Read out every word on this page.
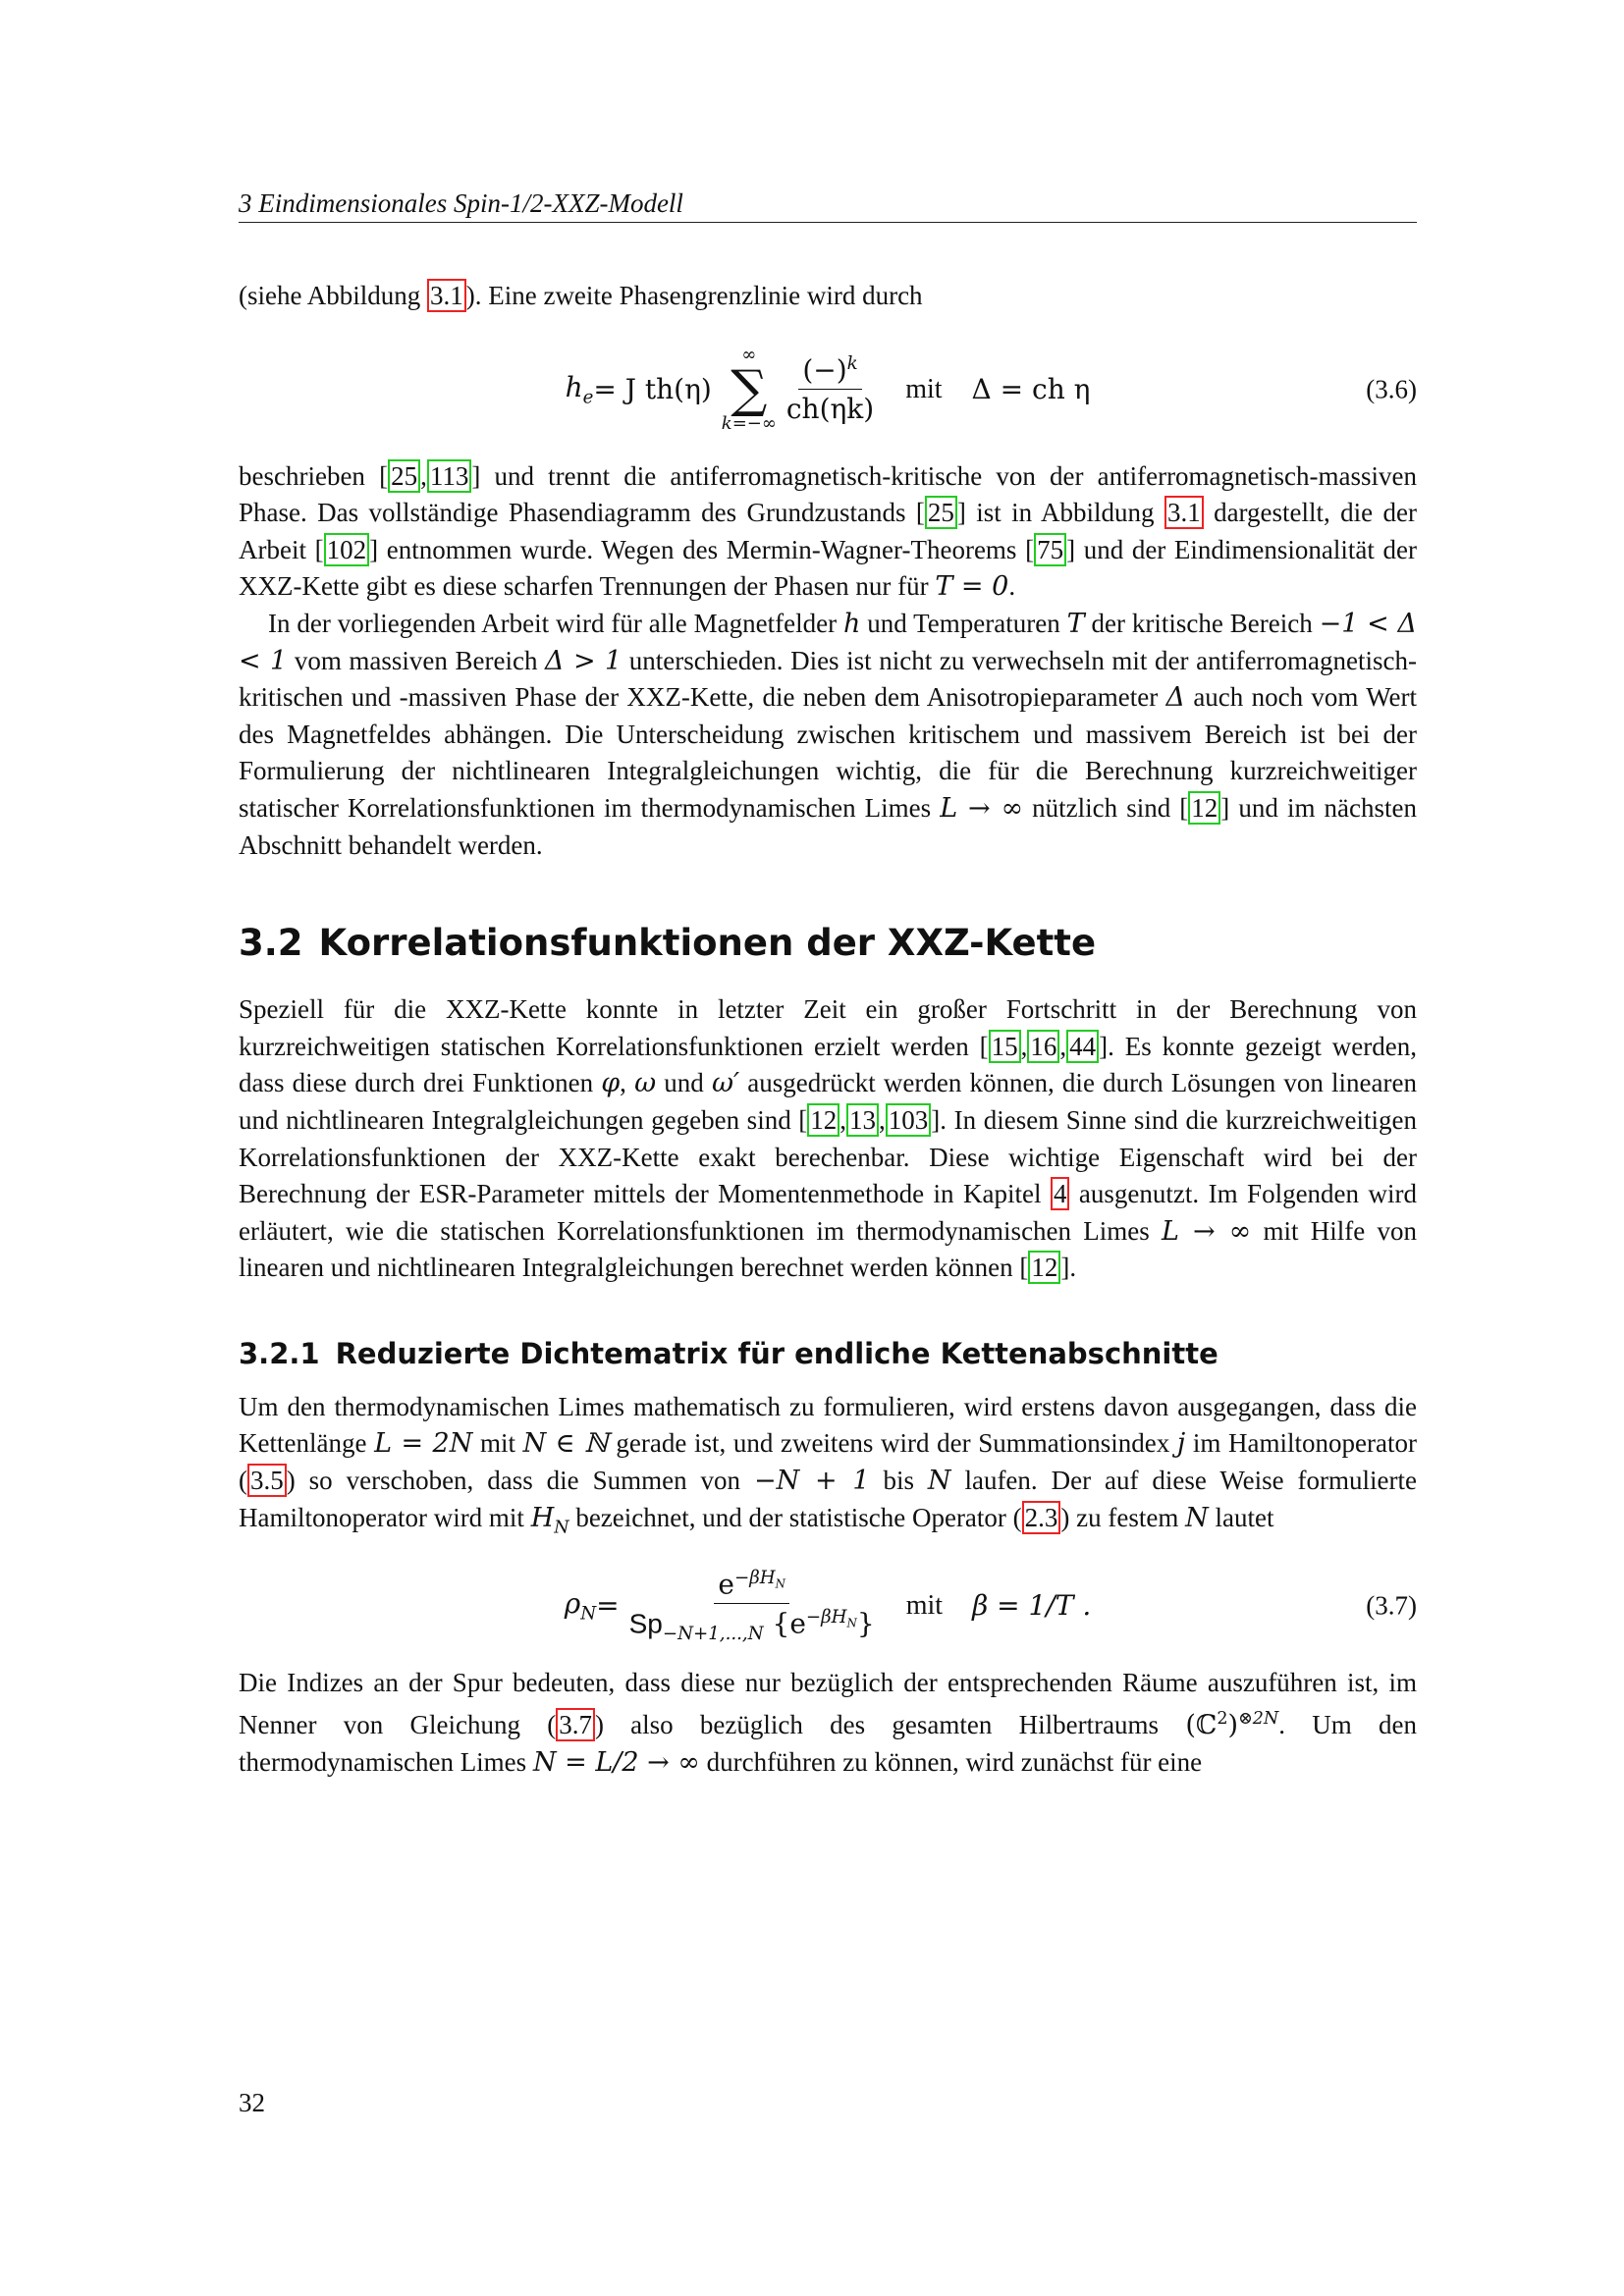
3 Eindimensionales Spin-1/2-XXZ-Modell

(siehe Abbildung 3.1 ). Eine zweite Phasengrenzlinie wird durch

$h_e = J$ th(η)
∞
∑
$k=-\infty \frac{(-)^k}{ch(\eta k)}$ mit Δ = ch η	(3.6)

beschrieben [ 25 , 113 ] und trennt die antiferromagnetisch-kritische von der antiferromagnetisch-massiven Phase. Das vollständige Phasendiagramm des Grundzustands [ 25 ] ist in Abbildung 3.1 dargestellt, die der Arbeit [ 102 ] entnommen wurde. Wegen des Mermin-Wagner-Theorems [ 75 ] und der Eindimensionalität der XXZ-Kette gibt es diese scharfen Trennungen der Phasen nur für T = 0.

In der vorliegenden Arbeit wird für alle Magnetfelder h und Temperaturen T der kritische Bereich −1 < Δ < 1 vom massiven Bereich Δ > 1 unterschieden. Dies ist nicht zu verwechseln mit der antiferromagnetisch-kritischen und -massiven Phase der XXZ-Kette, die neben dem Anisotropieparameter Δ auch noch vom Wert des Magnetfeldes abhängen. Die Unterscheidung zwischen kritischem und massivem Bereich ist bei der Formulierung der nichtlinearen Integralgleichungen wichtig, die für die Berechnung kurzreichweitiger statischer Korrelationsfunktionen im thermodynamischen Limes L → ∞ nützlich sind [ 12 ] und im nächsten Abschnitt behandelt werden.

3.2 Korrelationsfunktionen der XXZ-Kette

Speziell für die XXZ-Kette konnte in letzter Zeit ein großer Fortschritt in der Berechnung von kurzreichweitigen statischen Korrelationsfunktionen erzielt werden [ 15 , 16 , 44 ]. Es konnte gezeigt werden, dass diese durch drei Funktionen φ, ω und ω′ ausgedrückt werden können, die durch Lösungen von linearen und nichtlinearen Integralgleichungen gegeben sind [ 12 , 13 , 103 ]. In diesem Sinne sind die kurzreichweitigen Korrelationsfunktionen der XXZ-Kette exakt berechenbar. Diese wichtige Eigenschaft wird bei der Berechnung der ESR-Parameter mittels der Momentenmethode in Kapitel 4 ausgenutzt. Im Folgenden wird erläutert, wie die statischen Korrelationsfunktionen im thermodynamischen Limes L → ∞ mit Hilfe von linearen und nichtlinearen Integralgleichungen berechnet werden können [ 12 ].

3.2.1 Reduzierte Dichtematrix für endliche Kettenabschnitte

Um den thermodynamischen Limes mathematisch zu formulieren, wird erstens davon ausgegangen, dass die Kettenlänge L = 2N mit N ∈ ℕ gerade ist, und zweitens wird der Summationsindex j im Hamiltonoperator ( 3.5 ) so verschoben, dass die Summen von −N + 1 bis N laufen. Der auf diese Weise formulierte Hamiltonoperator wird mit $H_N$ bezeichnet, und der statistische Operator ( 2.3 ) zu festem N lautet

$\rho_N = \frac{e^{-\beta H_N}}{Sp_{-N+1,...,N} \{e^{-\beta H_N}\}}$ mit β = 1/T .	(3.7)

Die Indizes an der Spur bedeuten, dass diese nur bezüglich der entsprechenden Räume auszuführen ist, im Nenner von Gleichung ( 3.7 ) also bezüglich des gesamten Hilbertraums (ℂ$^2$)$^{\otimes 2N}$. Um den thermodynamischen Limes N = L/2 → ∞ durchführen zu können, wird zunächst für eine

32
